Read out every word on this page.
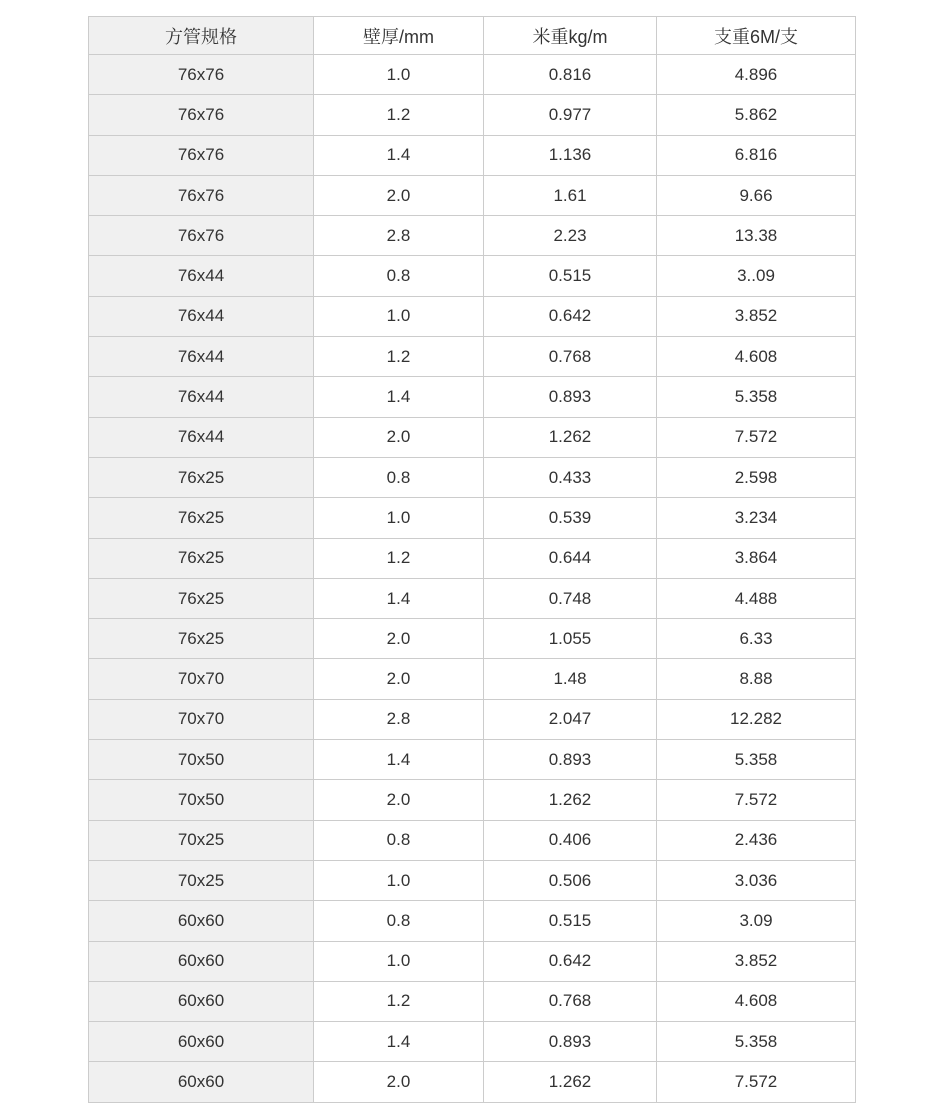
方管规格	壁厚/mm	米重kg/m	支重6M/支
76x76	1.0	0.816	4.896
76x76	1.2	0.977	5.862
76x76	1.4	1.136	6.816
76x76	2.0	1.61	9.66
76x76	2.8	2.23	13.38
76x44	0.8	0.515	3..09
76x44	1.0	0.642	3.852
76x44	1.2	0.768	4.608
76x44	1.4	0.893	5.358
76x44	2.0	1.262	7.572
76x25	0.8	0.433	2.598
76x25	1.0	0.539	3.234
76x25	1.2	0.644	3.864
76x25	1.4	0.748	4.488
76x25	2.0	1.055	6.33
70x70	2.0	1.48	8.88
70x70	2.8	2.047	12.282
70x50	1.4	0.893	5.358
70x50	2.0	1.262	7.572
70x25	0.8	0.406	2.436
70x25	1.0	0.506	3.036
60x60	0.8	0.515	3.09
60x60	1.0	0.642	3.852
60x60	1.2	0.768	4.608
60x60	1.4	0.893	5.358
60x60	2.0	1.262	7.572
